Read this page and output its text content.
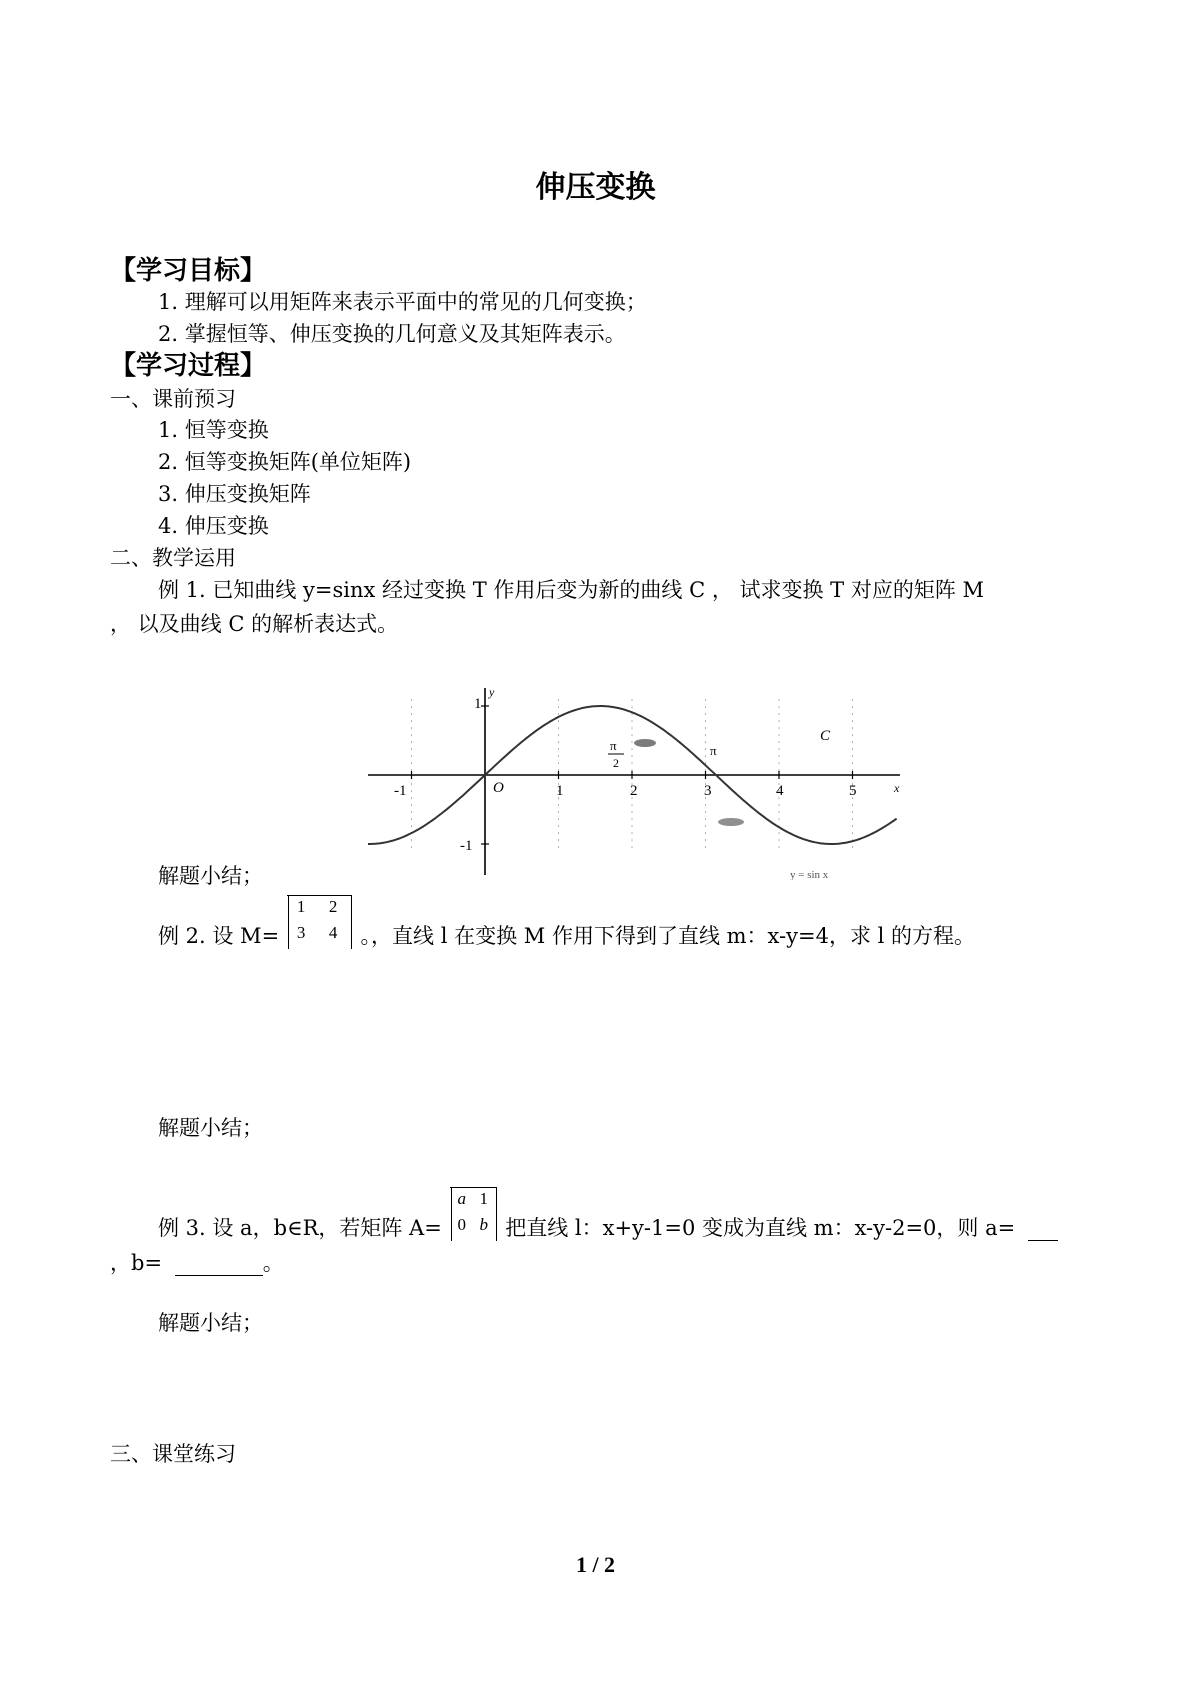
伸压变换
【学习目标】
1. 理解可以用矩阵来表示平面中的常见的几何变换；
2. 掌握恒等、伸压变换的几何意义及其矩阵表示。
【学习过程】
一、课前预习
1. 恒等变换
2. 恒等变换矩阵(单位矩阵)
3. 伸压变换矩阵
4. 伸压变换
二、教学运用
例 1. 已知曲线 y=sinx 经过变换 T 作用后变为新的曲线 C ， 试求变换 T 对应的矩阵 M
， 以及曲线 C 的解析表达式。
-1	O	1	2	3	4	5	x
y
1
-1
π
2
π
C
y = sin x
解题小结；
例 2. 设 M=
1 2
3 4 。，直线 l 在变换 M 作用下得到了直线 m：x-y=4，求 l 的方程。
解题小结；
例 3. 设 a，b∈R，若矩阵 A=
a 1
0 b 把直线 l：x+y-1=0 变成为直线 m：x-y-2=0，则 a=
，b=	。
解题小结；
三、课堂练习
1 / 2
